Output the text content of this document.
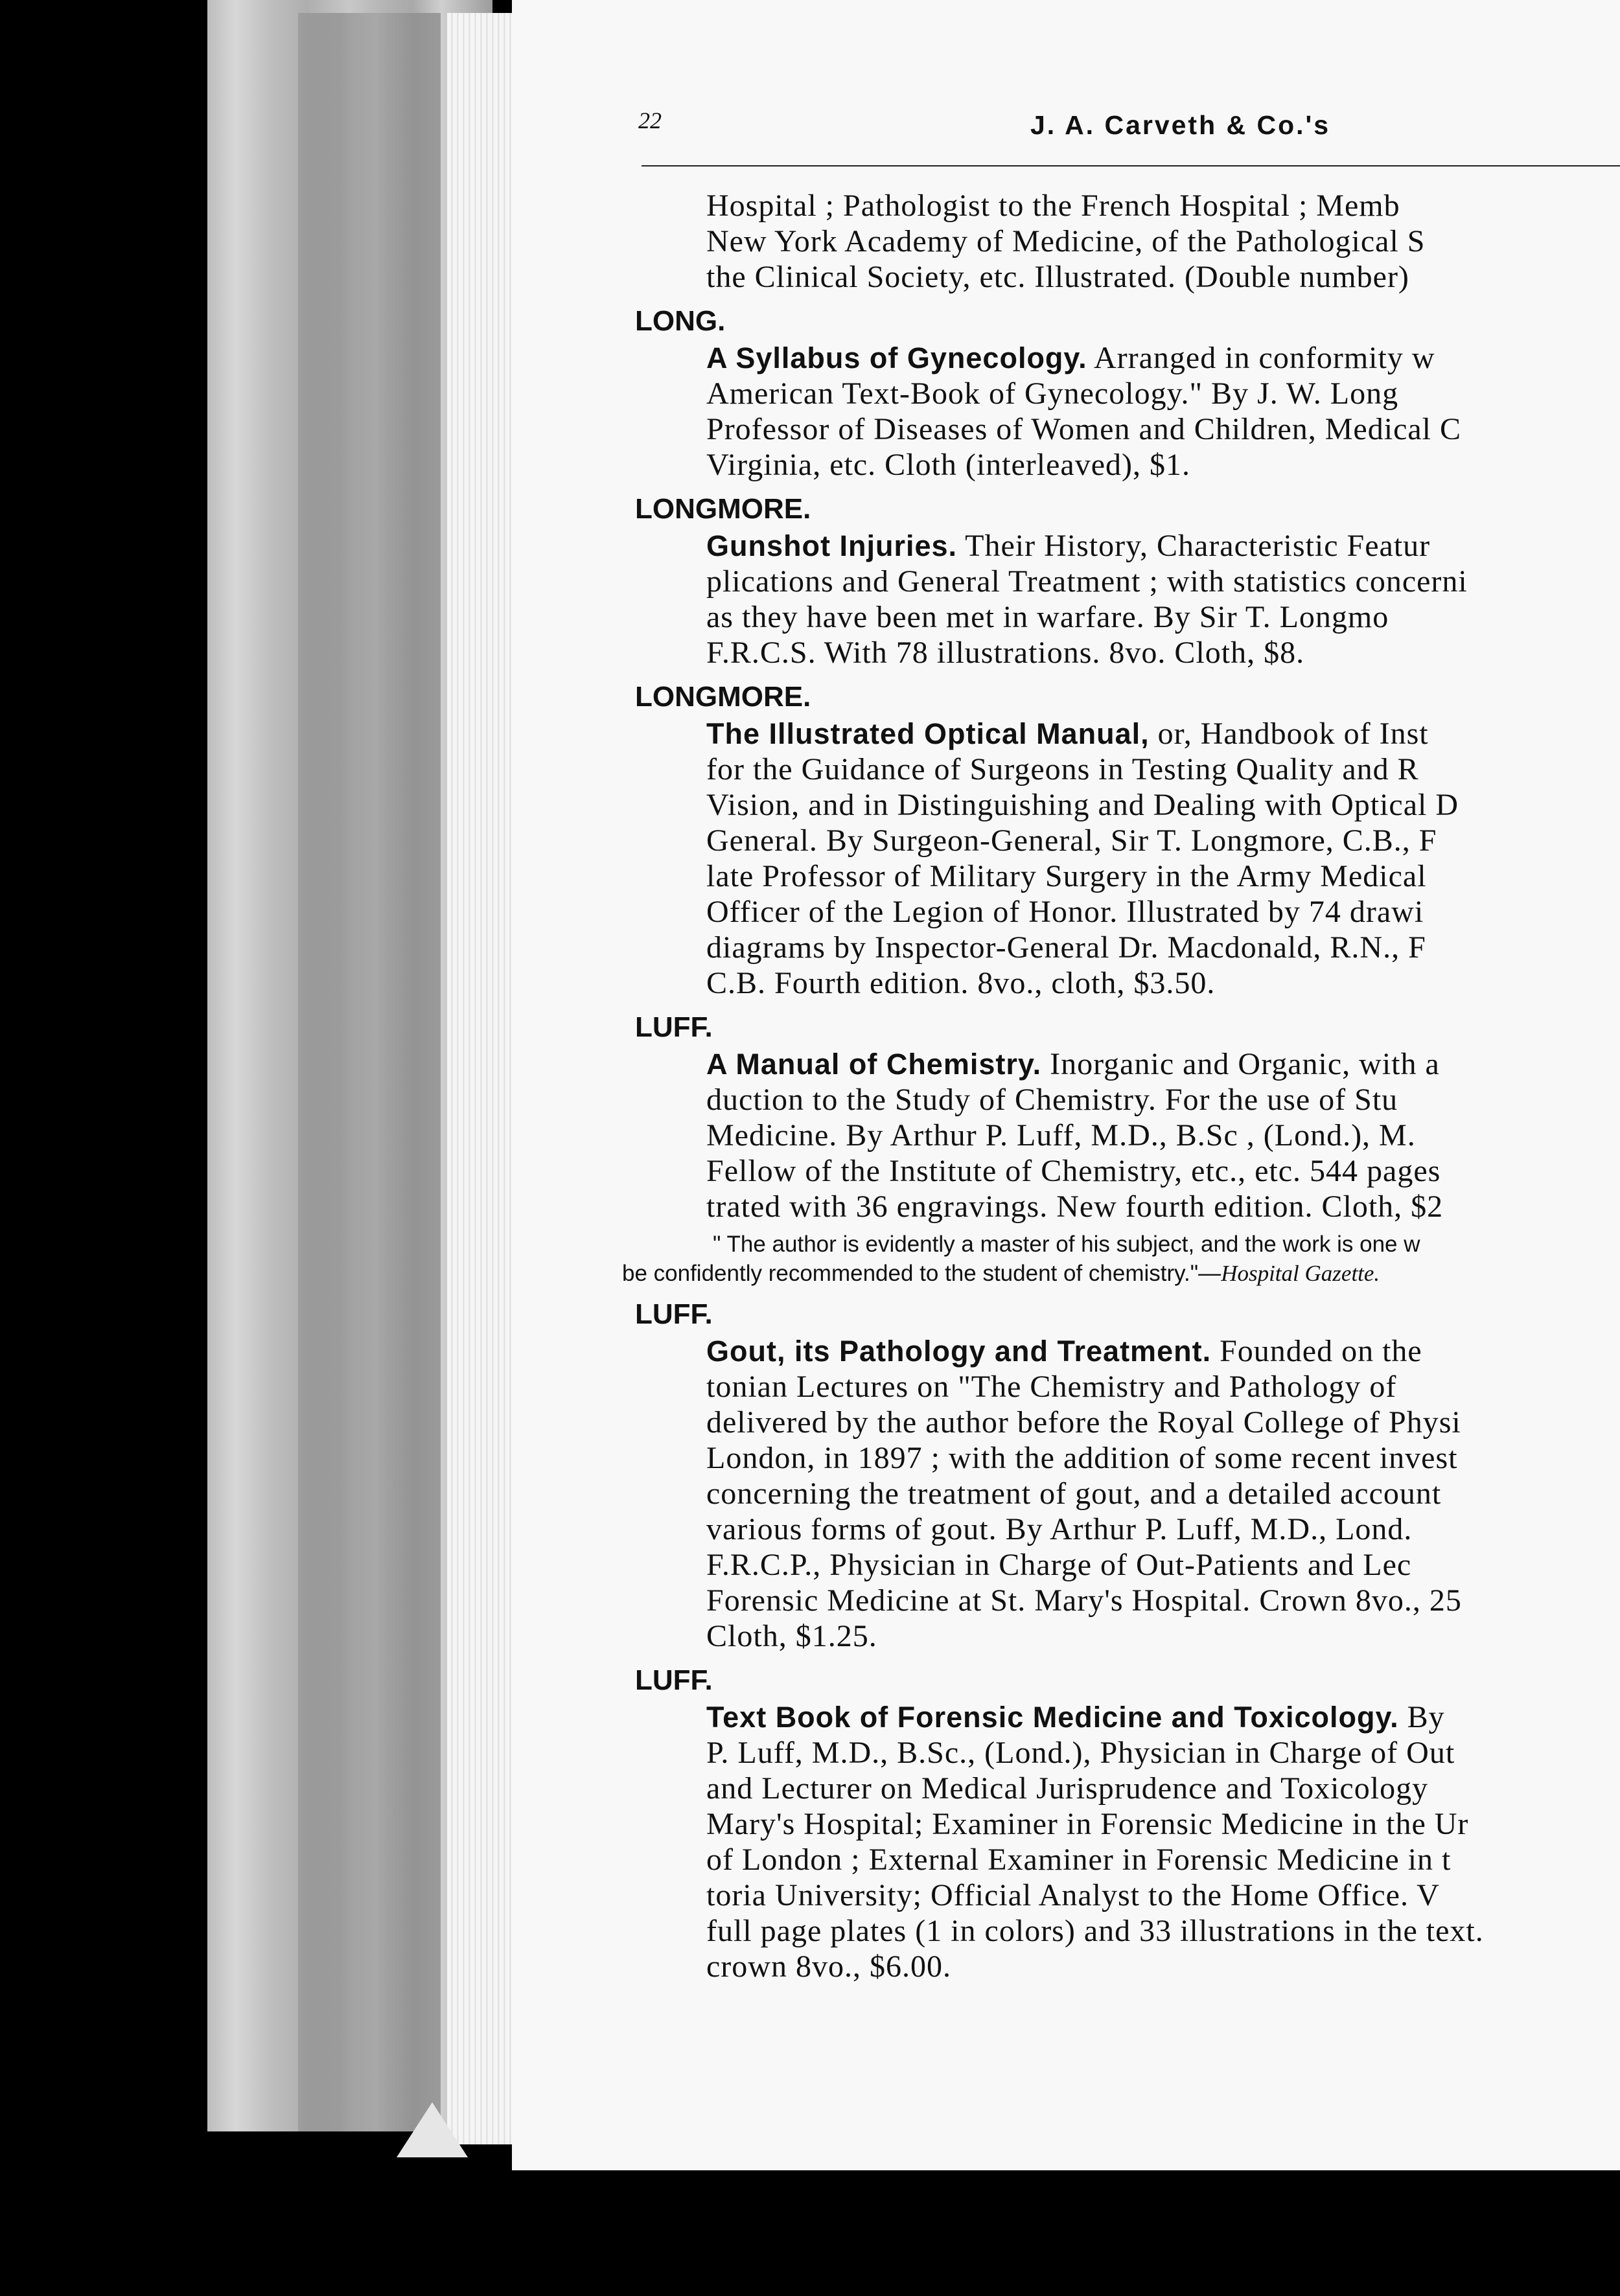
22	J. A. Carveth & Co.'s
Hospital ; Pathologist to the French Hospital ; Memb
New York Academy of Medicine, of the Pathological S
the Clinical Society, etc. Illustrated. (Double number)
LONG.
A Syllabus of Gynecology. Arranged in conformity w
American Text-Book of Gynecology." By J. W. Long
Professor of Diseases of Women and Children, Medical C
Virginia, etc. Cloth (interleaved), $1.
LONGMORE.
Gunshot Injuries. Their History, Characteristic Featur
plications and General Treatment ; with statistics concerni
as they have been met in warfare. By Sir T. Longmo
F.R.C.S. With 78 illustrations. 8vo. Cloth, $8.
LONGMORE.
The Illustrated Optical Manual, or, Handbook of Inst
for the Guidance of Surgeons in Testing Quality and R
Vision, and in Distinguishing and Dealing with Optical D
General. By Surgeon-General, Sir T. Longmore, C.B., F
late Professor of Military Surgery in the Army Medical
Officer of the Legion of Honor. Illustrated by 74 drawi
diagrams by Inspector-General Dr. Macdonald, R.N., F
C.B. Fourth edition. 8vo., cloth, $3.50.
LUFF.
A Manual of Chemistry. Inorganic and Organic, with a
duction to the Study of Chemistry. For the use of Stu
Medicine. By Arthur P. Luff, M.D., B.Sc , (Lond.), M.
Fellow of the Institute of Chemistry, etc., etc. 544 pages
trated with 36 engravings. New fourth edition. Cloth, $2
" The author is evidently a master of his subject, and the work is one w
be confidently recommended to the student of chemistry."—Hospital Gazette.
LUFF.
Gout, its Pathology and Treatment. Founded on the
tonian Lectures on "The Chemistry and Pathology of
delivered by the author before the Royal College of Physi
London, in 1897 ; with the addition of some recent invest
concerning the treatment of gout, and a detailed account
various forms of gout. By Arthur P. Luff, M.D., Lond.
F.R.C.P., Physician in Charge of Out-Patients and Lec
Forensic Medicine at St. Mary's Hospital. Crown 8vo., 25
Cloth, $1.25.
LUFF.
Text Book of Forensic Medicine and Toxicology. By
P. Luff, M.D., B.Sc., (Lond.), Physician in Charge of Out
and Lecturer on Medical Jurisprudence and Toxicology
Mary's Hospital; Examiner in Forensic Medicine in the Ur
of London ; External Examiner in Forensic Medicine in t
toria University; Official Analyst to the Home Office. V
full page plates (1 in colors) and 33 illustrations in the text.
crown 8vo., $6.00.
